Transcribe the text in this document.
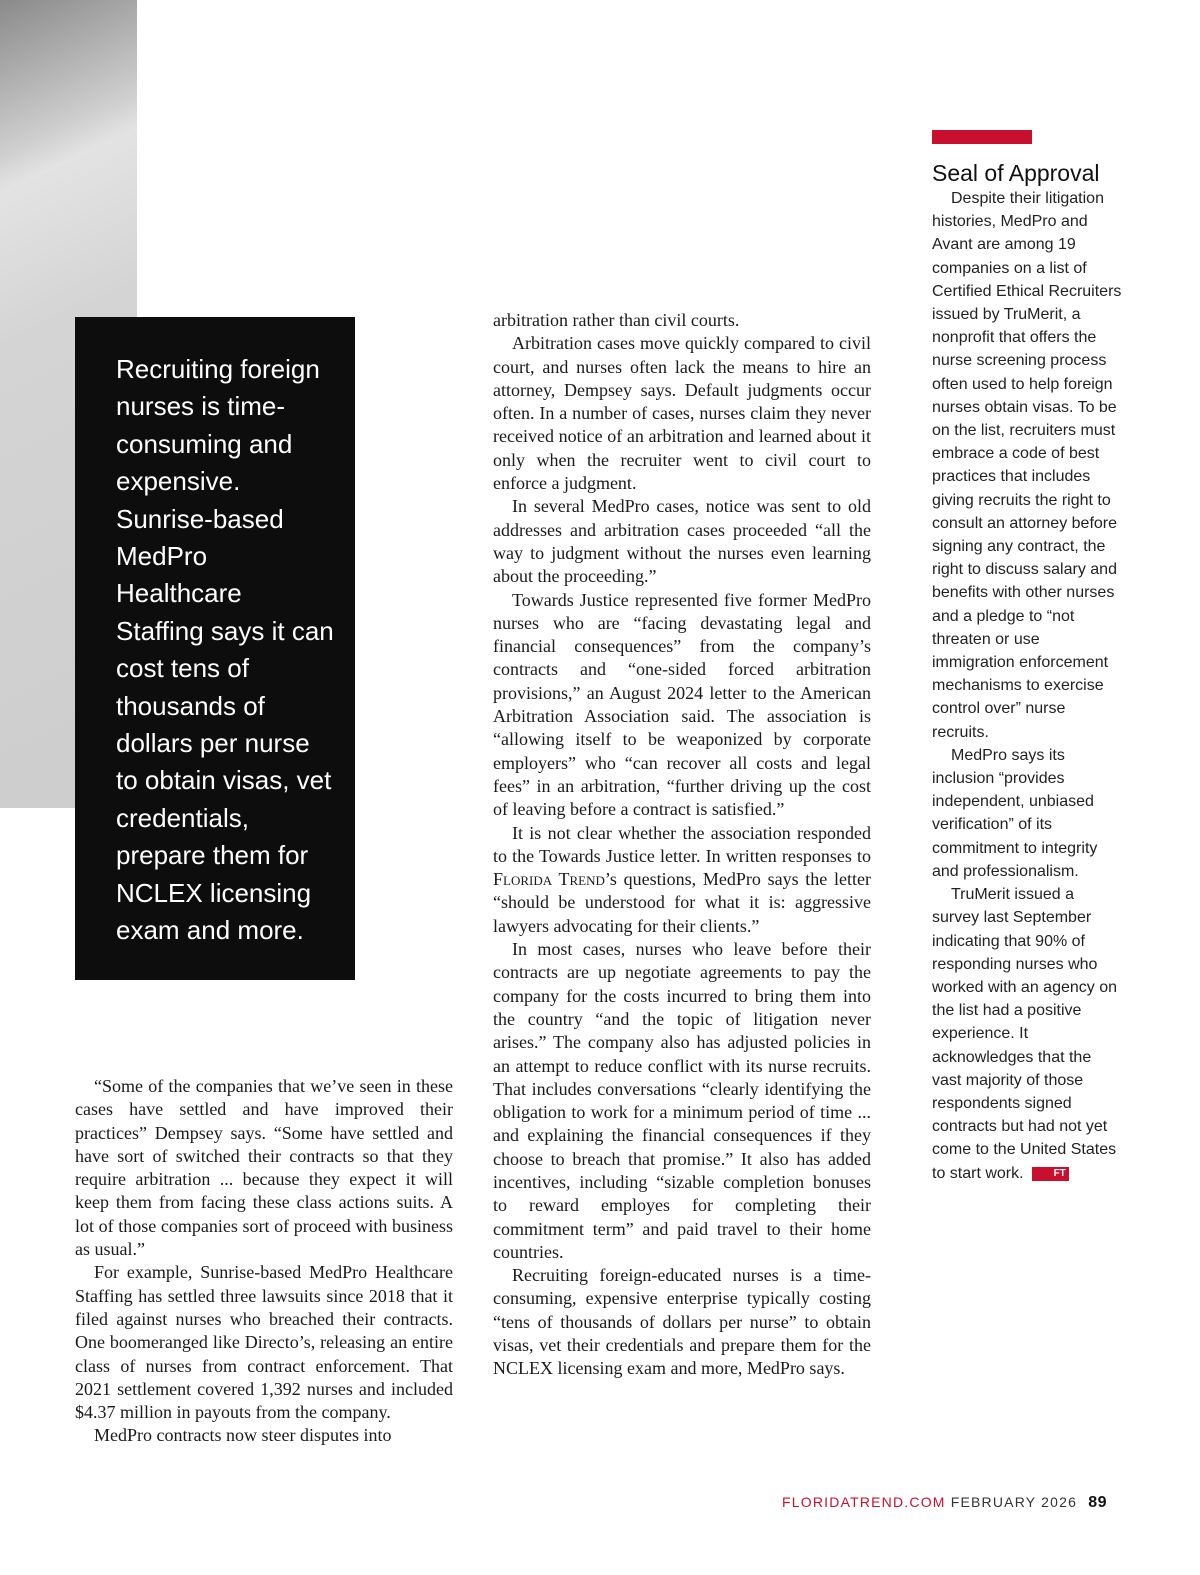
Recruiting foreign nurses is time-consuming and expensive. Sunrise-based MedPro Healthcare Staffing says it can cost tens of thousands of dollars per nurse to obtain visas, vet credentials, prepare them for NCLEX licensing exam and more.

“Some of the companies that we’ve seen in these cases have settled and have improved their practices” Dempsey says. “Some have settled and have sort of switched their contracts so that they require arbitration ... because they expect it will keep them from facing these class actions suits. A lot of those companies sort of proceed with business as usual.”

For example, Sunrise-based MedPro Healthcare Staffing has settled three lawsuits since 2018 that it filed against nurses who breached their contracts. One boomeranged like Directo’s, releasing an entire class of nurses from contract enforcement. That 2021 settlement covered 1,392 nurses and included $4.37 million in payouts from the company.

MedPro contracts now steer disputes into

arbitration rather than civil courts.

Arbitration cases move quickly compared to civil court, and nurses often lack the means to hire an attorney, Dempsey says. Default judgments occur often. In a number of cases, nurses claim they never received notice of an arbitration and learned about it only when the recruiter went to civil court to enforce a judgment.

In several MedPro cases, notice was sent to old addresses and arbitration cases proceeded “all the way to judgment without the nurses even learning about the proceeding.”

Towards Justice represented five former MedPro nurses who are “facing devastating legal and financial consequences” from the company’s contracts and “one-sided forced arbitration provisions,” an August 2024 letter to the American Arbitration Association said. The association is “allowing itself to be weaponized by corporate employers” who “can recover all costs and legal fees” in an arbitration, “further driving up the cost of leaving before a contract is satisfied.”

It is not clear whether the association responded to the Towards Justice letter. In written responses to Florida Trend’s questions, MedPro says the letter “should be understood for what it is: aggressive lawyers advocating for their clients.”

In most cases, nurses who leave before their contracts are up negotiate agreements to pay the company for the costs incurred to bring them into the country “and the topic of litigation never arises.” The company also has adjusted policies in an attempt to reduce conflict with its nurse recruits. That includes conversations “clearly identifying the obligation to work for a minimum period of time ... and explaining the financial consequences if they choose to breach that promise.” It also has added incentives, including “sizable completion bonuses to reward employes for completing their commitment term” and paid travel to their home countries.

Recruiting foreign-educated nurses is a time-consuming, expensive enterprise typically costing “tens of thousands of dollars per nurse” to obtain visas, vet their credentials and prepare them for the NCLEX licensing exam and more, MedPro says.

Seal of Approval

Despite their litigation histories, MedPro and Avant are among 19 companies on a list of Certified Ethical Recruiters issued by TruMerit, a nonprofit that offers the nurse screening process often used to help foreign nurses obtain visas. To be on the list, recruiters must embrace a code of best practices that includes giving recruits the right to consult an attorney before signing any contract, the right to discuss salary and benefits with other nurses and a pledge to “not threaten or use immigration enforcement mechanisms to exercise control over” nurse recruits.

MedPro says its inclusion “provides independent, unbiased verification” of its commitment to integrity and professionalism.

TruMerit issued a survey last September indicating that 90% of responding nurses who worked with an agency on the list had a positive experience. It acknowledges that the vast majority of those respondents signed contracts but had not yet come to the United States to start work.	FT

FLORIDATREND.COM FEBRUARY 2026 89
